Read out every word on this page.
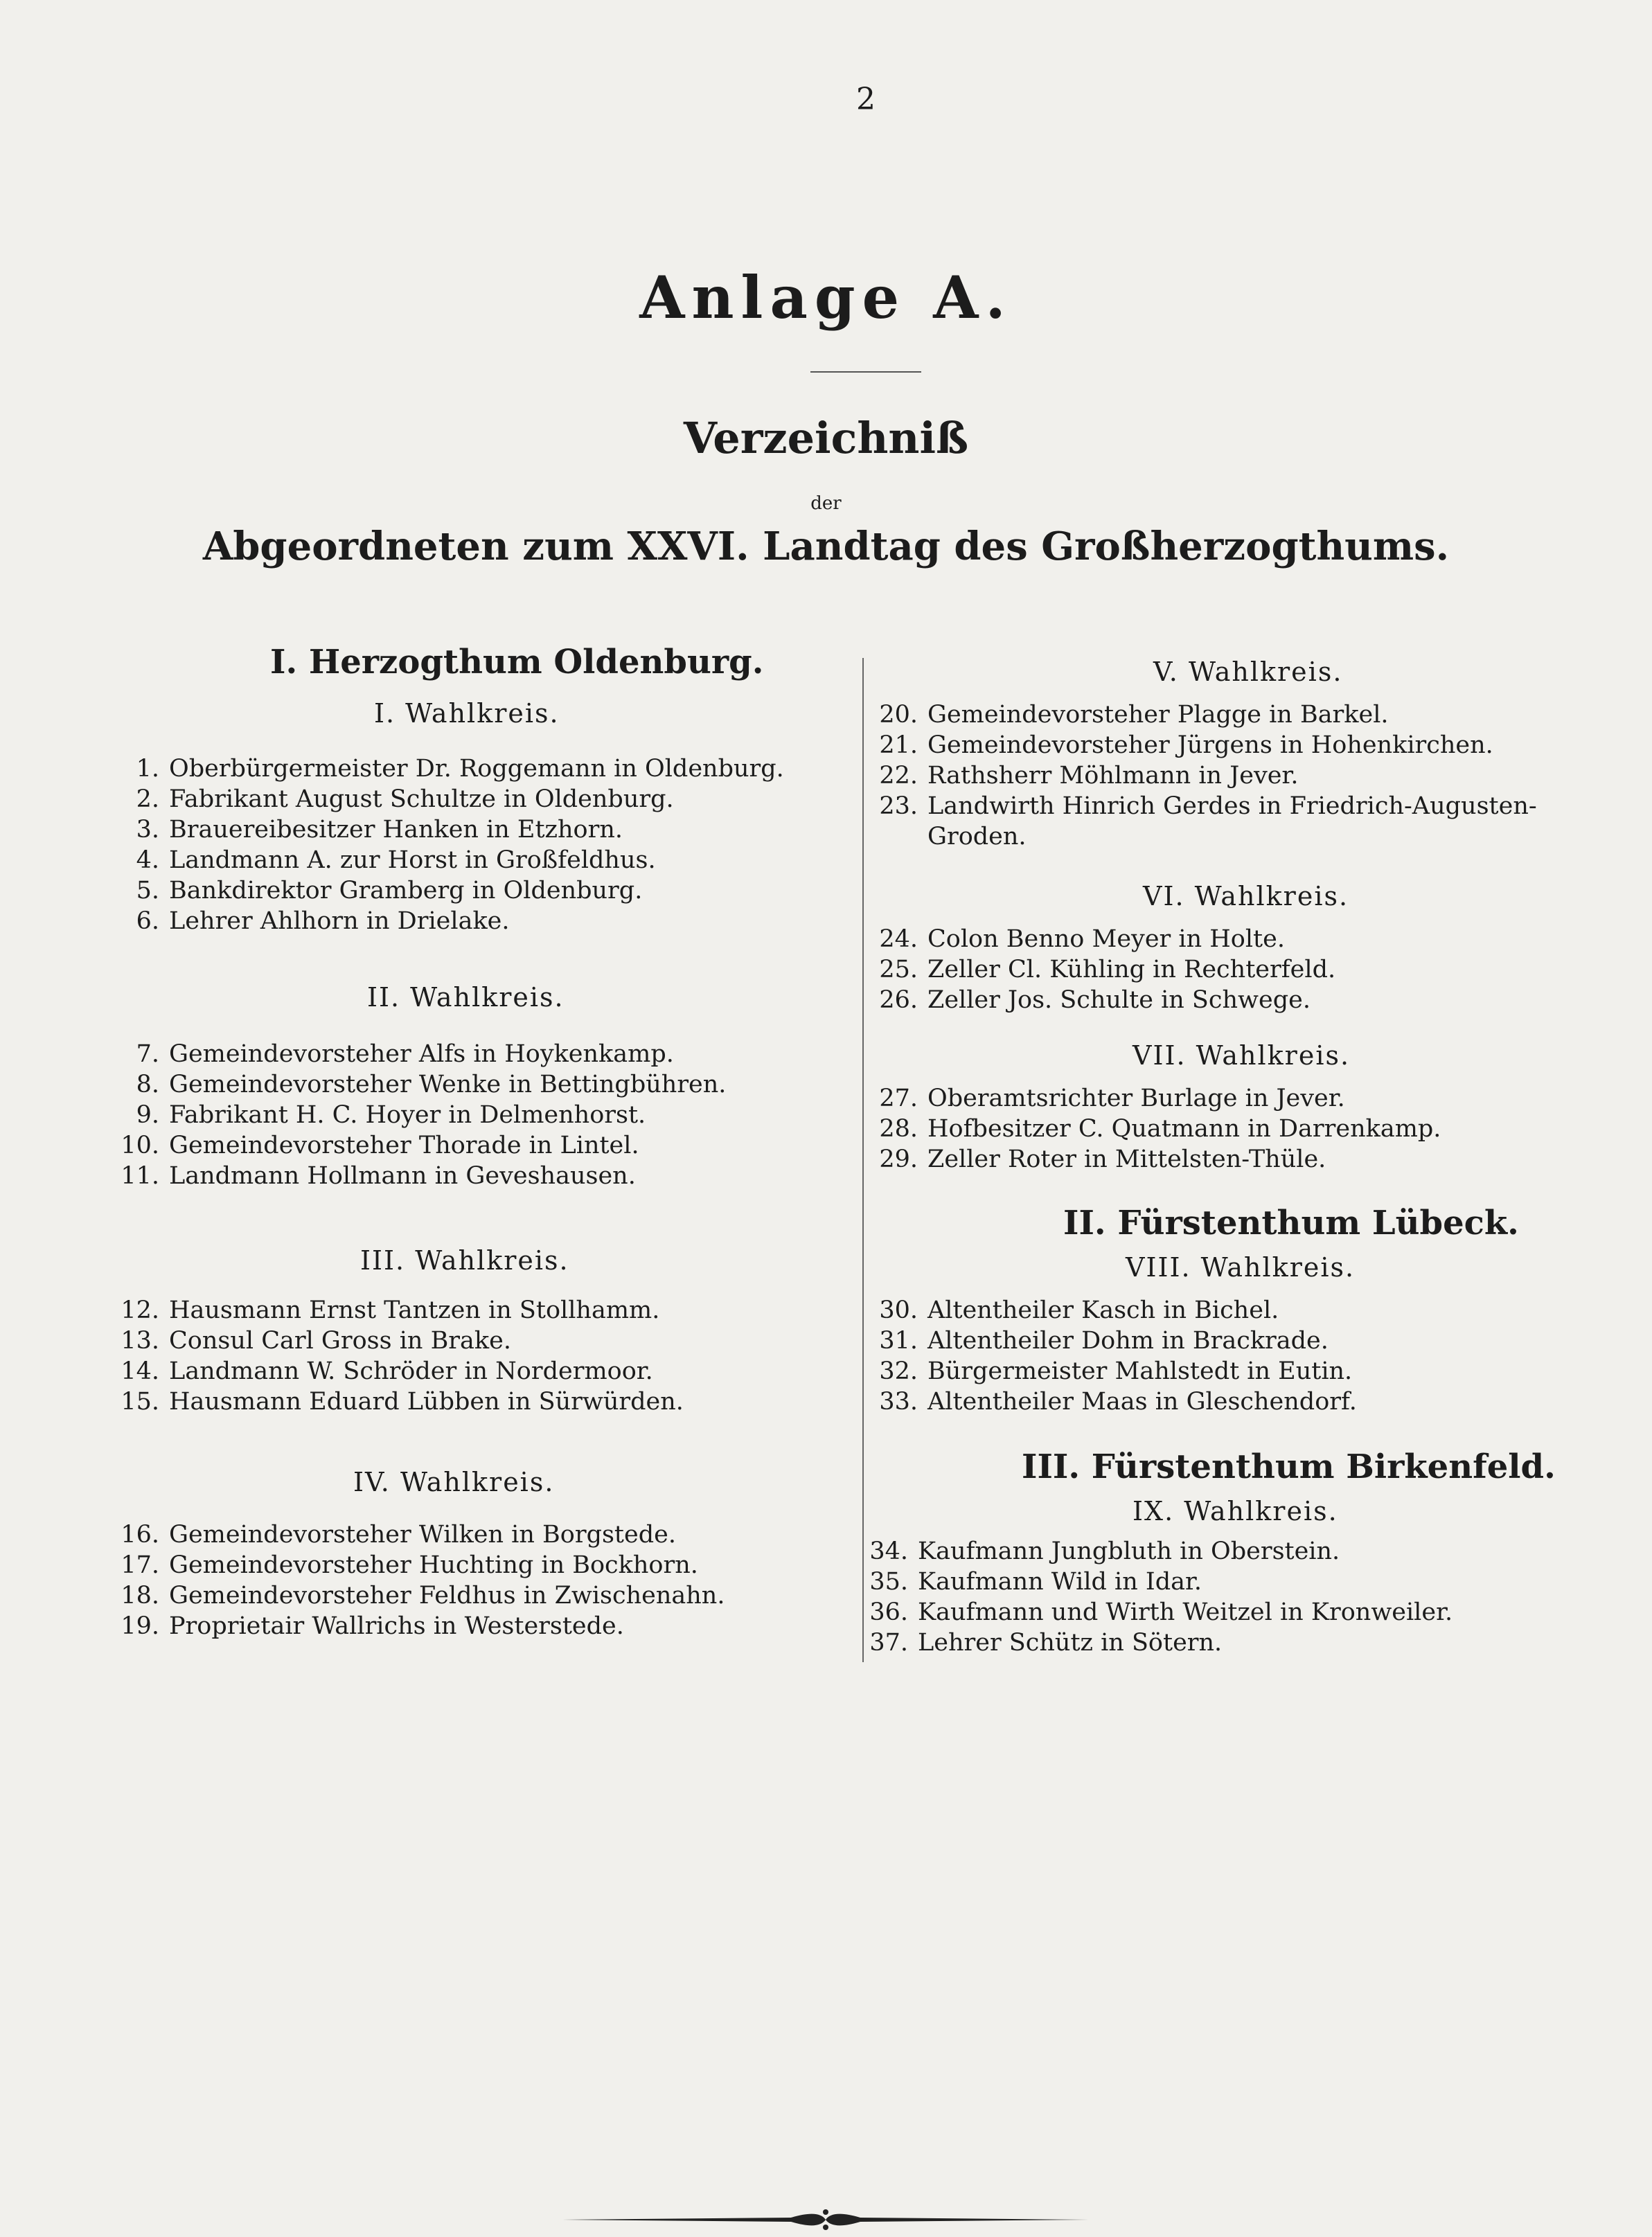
2
Anlage A.
Verzeichniß
der
Abgeordneten zum XXVI. Landtag des Großherzogthums.
I. Herzogthum Oldenburg.
I. Wahlkreis.
1. Oberbürgermeister Dr. Roggemann in Oldenburg.
2. Fabrikant August Schultze in Oldenburg.
3. Brauereibesitzer Hanken in Etzhorn.
4. Landmann A. zur Horst in Großfeldhus.
5. Bankdirektor Gramberg in Oldenburg.
6. Lehrer Ahlhorn in Drielake.
II. Wahlkreis.
7. Gemeindevorsteher Alfs in Hoykenkamp.
8. Gemeindevorsteher Wenke in Bettingbühren.
9. Fabrikant H. C. Hoyer in Delmenhorst.
10. Gemeindevorsteher Thorade in Lintel.
11. Landmann Hollmann in Geveshausen.
III. Wahlkreis.
12. Hausmann Ernst Tantzen in Stollhamm.
13. Consul Carl Gross in Brake.
14. Landmann W. Schröder in Nordermoor.
15. Hausmann Eduard Lübben in Sürwürden.
IV. Wahlkreis.
16. Gemeindevorsteher Wilken in Borgstede.
17. Gemeindevorsteher Huchting in Bockhorn.
18. Gemeindevorsteher Feldhus in Zwischenahn.
19. Proprietair Wallrichs in Westerstede.
V. Wahlkreis.
20. Gemeindevorsteher Plagge in Barkel.
21. Gemeindevorsteher Jürgens in Hohenkirchen.
22. Rathsherr Möhlmann in Jever.
23. Landwirth Hinrich Gerdes in Friedrich-Augusten-
Groden.
VI. Wahlkreis.
24. Colon Benno Meyer in Holte.
25. Zeller Cl. Kühling in Rechterfeld.
26. Zeller Jos. Schulte in Schwege.
VII. Wahlkreis.
27. Oberamtsrichter Burlage in Jever.
28. Hofbesitzer C. Quatmann in Darrenkamp.
29. Zeller Roter in Mittelsten-Thüle.
II. Fürstenthum Lübeck.
VIII. Wahlkreis.
30. Altentheiler Kasch in Bichel.
31. Altentheiler Dohm in Brackrade.
32. Bürgermeister Mahlstedt in Eutin.
33. Altentheiler Maas in Gleschendorf.
III. Fürstenthum Birkenfeld.
IX. Wahlkreis.
34. Kaufmann Jungbluth in Oberstein.
35. Kaufmann Wild in Idar.
36. Kaufmann und Wirth Weitzel in Kronweiler.
37. Lehrer Schütz in Sötern.
